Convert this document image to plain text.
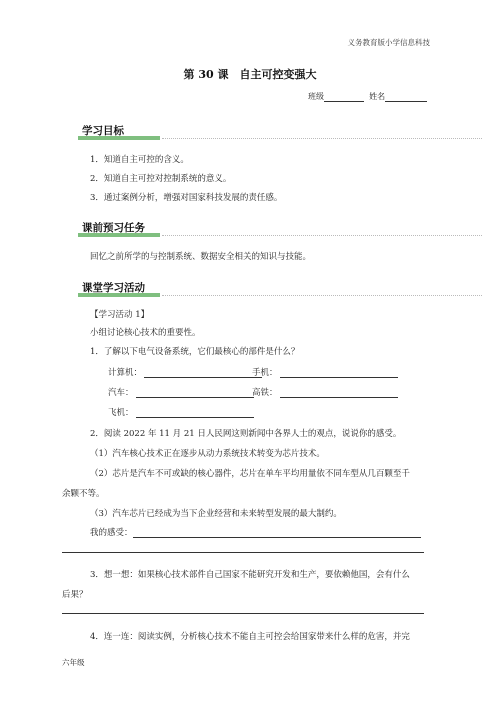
义务教育版小学信息科技
第 30 课　自主可控变强大
班级	姓名
学习目标
1．知道自主可控的含义。
2．知道自主可控对控制系统的意义。
3．通过案例分析，增强对国家科技发展的责任感。
课前预习任务
回忆之前所学的与控制系统、数据安全相关的知识与技能。
课堂学习活动
【学习活动 1】
小组讨论核心技术的重要性。
1．了解以下电气设备系统，它们最核心的部件是什么？
计算机：	手机：
汽车：	高铁：
飞机：
2．阅读 2022 年 11 月 21 日人民网这则新闻中各界人士的观点，说说你的感受。
（1）汽车核心技术正在逐步从动力系统技术转变为芯片技术。
（2）芯片是汽车不可或缺的核心器件，芯片在单车平均用量依不同车型从几百颗至千
余颗不等。
（3）汽车芯片已经成为当下企业经营和未来转型发展的最大制约。
我的感受：
3．想一想：如果核心技术部件自己国家不能研究开发和生产，要依赖他国，会有什么
后果？
4．连一连：阅读实例，分析核心技术不能自主可控会给国家带来什么样的危害，并完
六年级
